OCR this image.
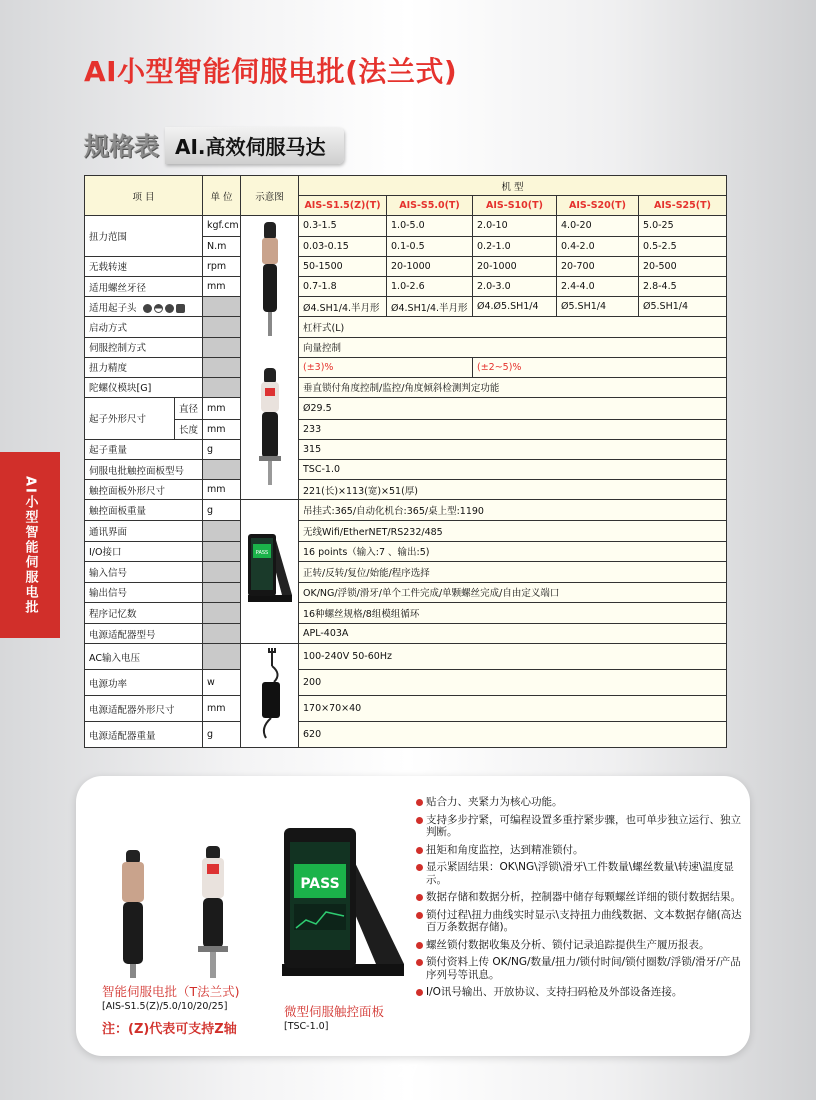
AI小型智能伺服电批(法兰式)
规格表 AI.高效伺服马达
AI小型智能伺服电批
项 目		单 位	示意图	机 型				
				AIS-S1.5(Z)(T)	AIS-S5.0(T)	AIS-S10(T)	AIS-S20(T)	AIS-S25(T)
扭力范围		kgf.cm		0.3-1.5	1.0-5.0	2.0-10	4.0-20	5.0-25
		N.m		0.03-0.15	0.1-0.5	0.2-1.0	0.4-2.0	0.5-2.5
无载转速		rpm		50-1500	20-1000	20-1000	20-700	20-500
适用螺丝牙径		mm		0.7-1.8	1.0-2.6	2.0-3.0	2.4-4.0	2.8-4.5
适用起子头				Ø4.SH1/4.半月形	Ø4.SH1/4.半月形	Ø4.Ø5.SH1/4	Ø5.SH1/4	Ø5.SH1/4
启动方式				杠杆式(L)				
伺服控制方式				向量控制				
扭力精度				(±3)%		(±2~5)%		
陀螺仪模块[G]				垂直锁付角度控制/监控/角度倾斜检测判定功能				
起子外形尺寸	直径	mm		Ø29.5				
	长度	mm		233				
起子重量		g		315				
伺服电批触控面板型号				TSC-1.0				
触控面板外形尺寸		mm		221(长)×113(宽)×51(厚)				
触控面板重量		g	PASS	吊挂式:365/自动化机台:365/桌上型:1190				
通讯界面				无线Wifi/EtherNET/RS232/485				
I/O接口				16 points（输入:7 、输出:5)				
输入信号				正转/反转/复位/始能/程序选择				
输出信号				OK/NG/浮锁/滑牙/单个工件完成/单颗螺丝完成/自由定义端口				
程序记忆数				16种螺丝规格/8组模组循环				
电源适配器型号				APL-403A				
AC输入电压				100-240V 50-60Hz				
电源功率		w		200				
电源适配器外形尺寸		mm		170×70×40				
电源适配器重量		g		620				
PASS
贴合力、夹紧力为核心功能。
支持多步拧紧，可编程设置多重拧紧步骤，也可单步独立运行、独立判断。
扭矩和角度监控，达到精准锁付。
显示紧固结果：OK\NG\浮锁\滑牙\工件数量\螺丝数量\转速\温度显示。
数据存储和数据分析，控制器中储存每颗螺丝详细的锁付数据结果。
锁付过程\扭力曲线实时显示\支持扭力曲线数据、文本数据存储(高达百万条数据存储)。
螺丝锁付数据收集及分析、锁付记录追踪提供生产履历报表。
锁付资料上传 OK/NG/数量/扭力/锁付时间/锁付圈数/浮锁/滑牙/产品序列号等讯息。
I/O讯号输出、开放协议、支持扫码枪及外部设备连接。
智能伺服电批（T法兰式)
[AIS-S1.5(Z)/5.0/10/20/25]
注：(Z)代表可支持Z轴
微型伺服触控面板
[TSC-1.0]
27
